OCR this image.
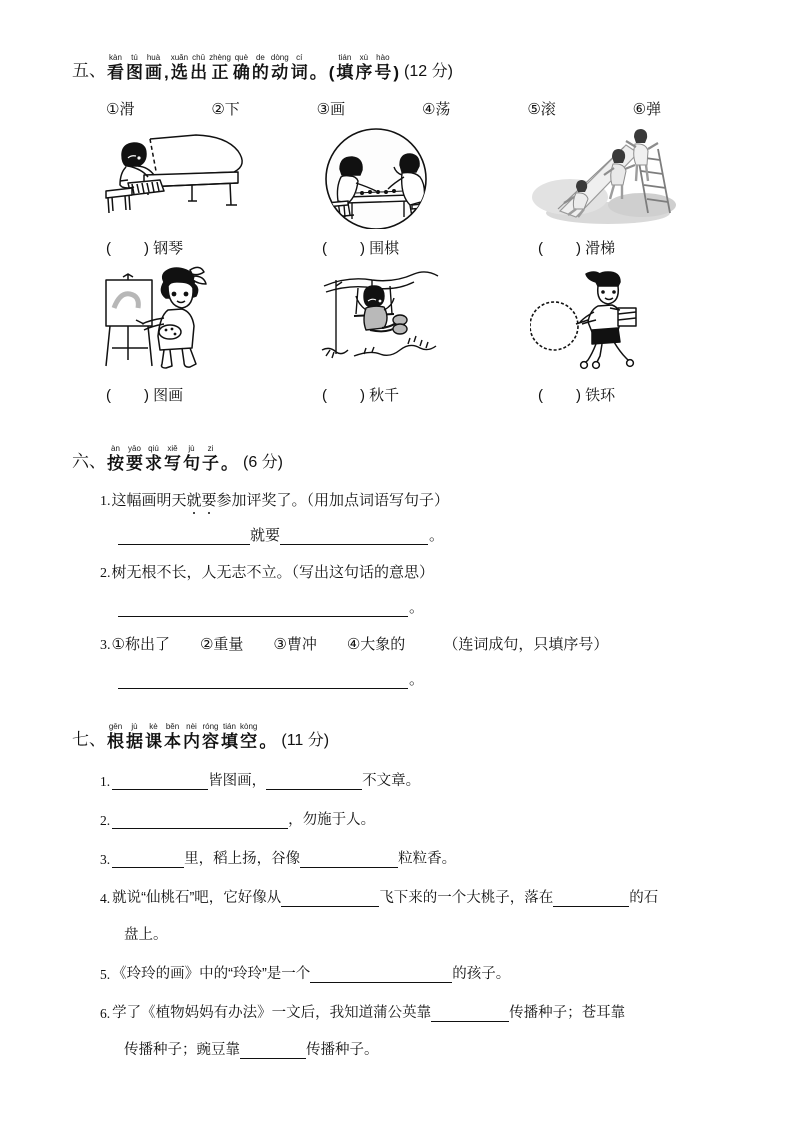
五、
kàn
看
tú
图
huà
画 ,
xuǎn
选
chū
出
zhèng
正
què
确
de
的
dòng
动
cí
词 。 (
tián
填
xù
序
hào
号 ) (12 分)
①滑	②下	③画	④荡	⑤滚	⑥弹
() 钢琴	() 围棋	() 滑梯
() 图画	() 秋千	() 铁环
六、
àn
按
yāo
要
qiú
求
xiě
写
jù
句
zi
子 。 (6 分)
1. 这幅画明天 就 要 参加评奖了。（用加点词语写句子）
就要	。
2. 树无根不长，人无志不立。（写出这句话的意思）
。
3. ①称出了 ②重量 ③曹冲 ④大象的	（连词成句，只填序号）
。
七、
gēn
根
jù
据
kè
课
běn
本
nèi
内
róng
容
tián
填
kòng
空 。 (11 分)
1.	皆图画，	不文章。
2.	，勿施于人。
3.	里，稻上扬，谷像	粒粒香。
4. 就说“仙桃石”吧，它好像从	飞下来的一个大桃子，落在	的石
盘上。
5. 《玲玲的画》中的“玲玲”是一个	的孩子。
6. 学了《植物妈妈有办法》一文后，我知道蒲公英靠	传播种子；苍耳靠
传播种子；豌豆靠	传播种子。
